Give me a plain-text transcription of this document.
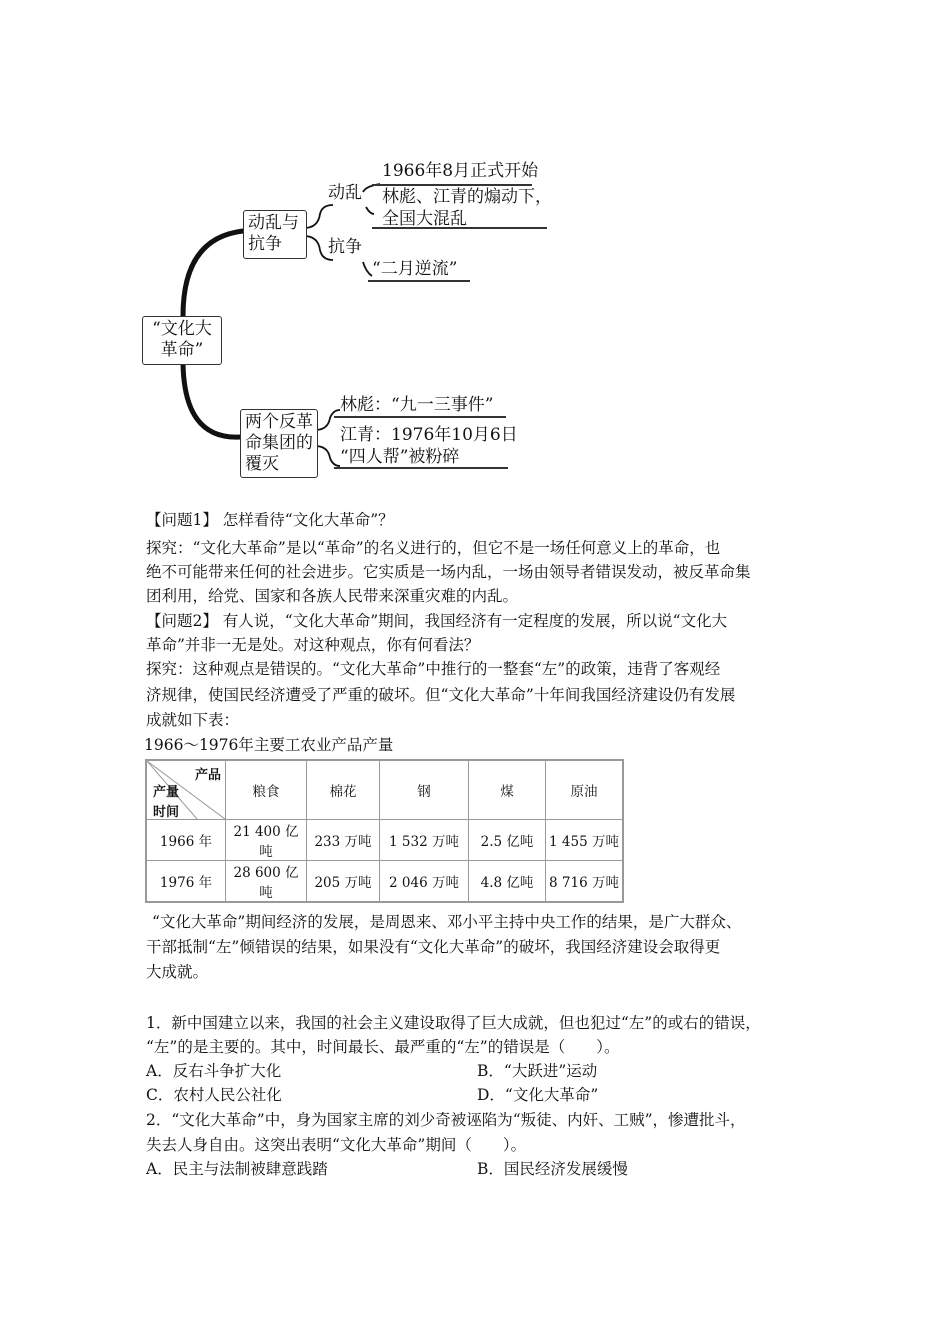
“文化大
革命”
动乱与
抗争
动乱
1966年8月正式开始
林彪、江青的煽动下，
全国大混乱
抗争
“二月逆流”
两个反革
命集团的
覆灭
林彪：“九一三事件”
江青：1976年10月6日
“四人帮”被粉碎
【问题1】 怎样看待“文化大革命”？
探究：“文化大革命”是以“革命”的名义进行的，但它不是一场任何意义上的革命，也
绝不可能带来任何的社会进步。它实质是一场内乱，一场由领导者错误发动，被反革命集
团利用，给党、国家和各族人民带来深重灾难的内乱。
【问题2】 有人说，“文化大革命”期间，我国经济有一定程度的发展，所以说“文化大
革命”并非一无是处。对这种观点，你有何看法？
探究：这种观点是错误的。“文化大革命”中推行的一整套“左”的政策，违背了客观经
济规律，使国民经济遭受了严重的破坏。但“文化大革命”十年间我国经济建设仍有发展
成就如下表：
1966～1976年主要工农业产品产量
产品
产量
时间	粮食	棉花	钢	煤	原油
1966 年	21 400 亿吨	233 万吨	1 532 万吨	2.5 亿吨	1 455 万吨
1976 年	28 600 亿吨	205 万吨	2 046 万吨	4.8 亿吨	8 716 万吨
“文化大革命”期间经济的发展，是周恩来、邓小平主持中央工作的结果，是广大群众、
干部抵制“左”倾错误的结果，如果没有“文化大革命”的破坏，我国经济建设会取得更
大成就。
1．新中国建立以来，我国的社会主义建设取得了巨大成就，但也犯过“左”的或右的错误，
“左”的是主要的。其中，时间最长、最严重的“左”的错误是（　　）。
A．反右斗争扩大化	B．“大跃进”运动
C．农村人民公社化	D．“文化大革命”
2．“文化大革命”中，身为国家主席的刘少奇被诬陷为“叛徒、内奸、工贼”，惨遭批斗，
失去人身自由。这突出表明“文化大革命”期间（　　）。
A．民主与法制被肆意践踏	B．国民经济发展缓慢
